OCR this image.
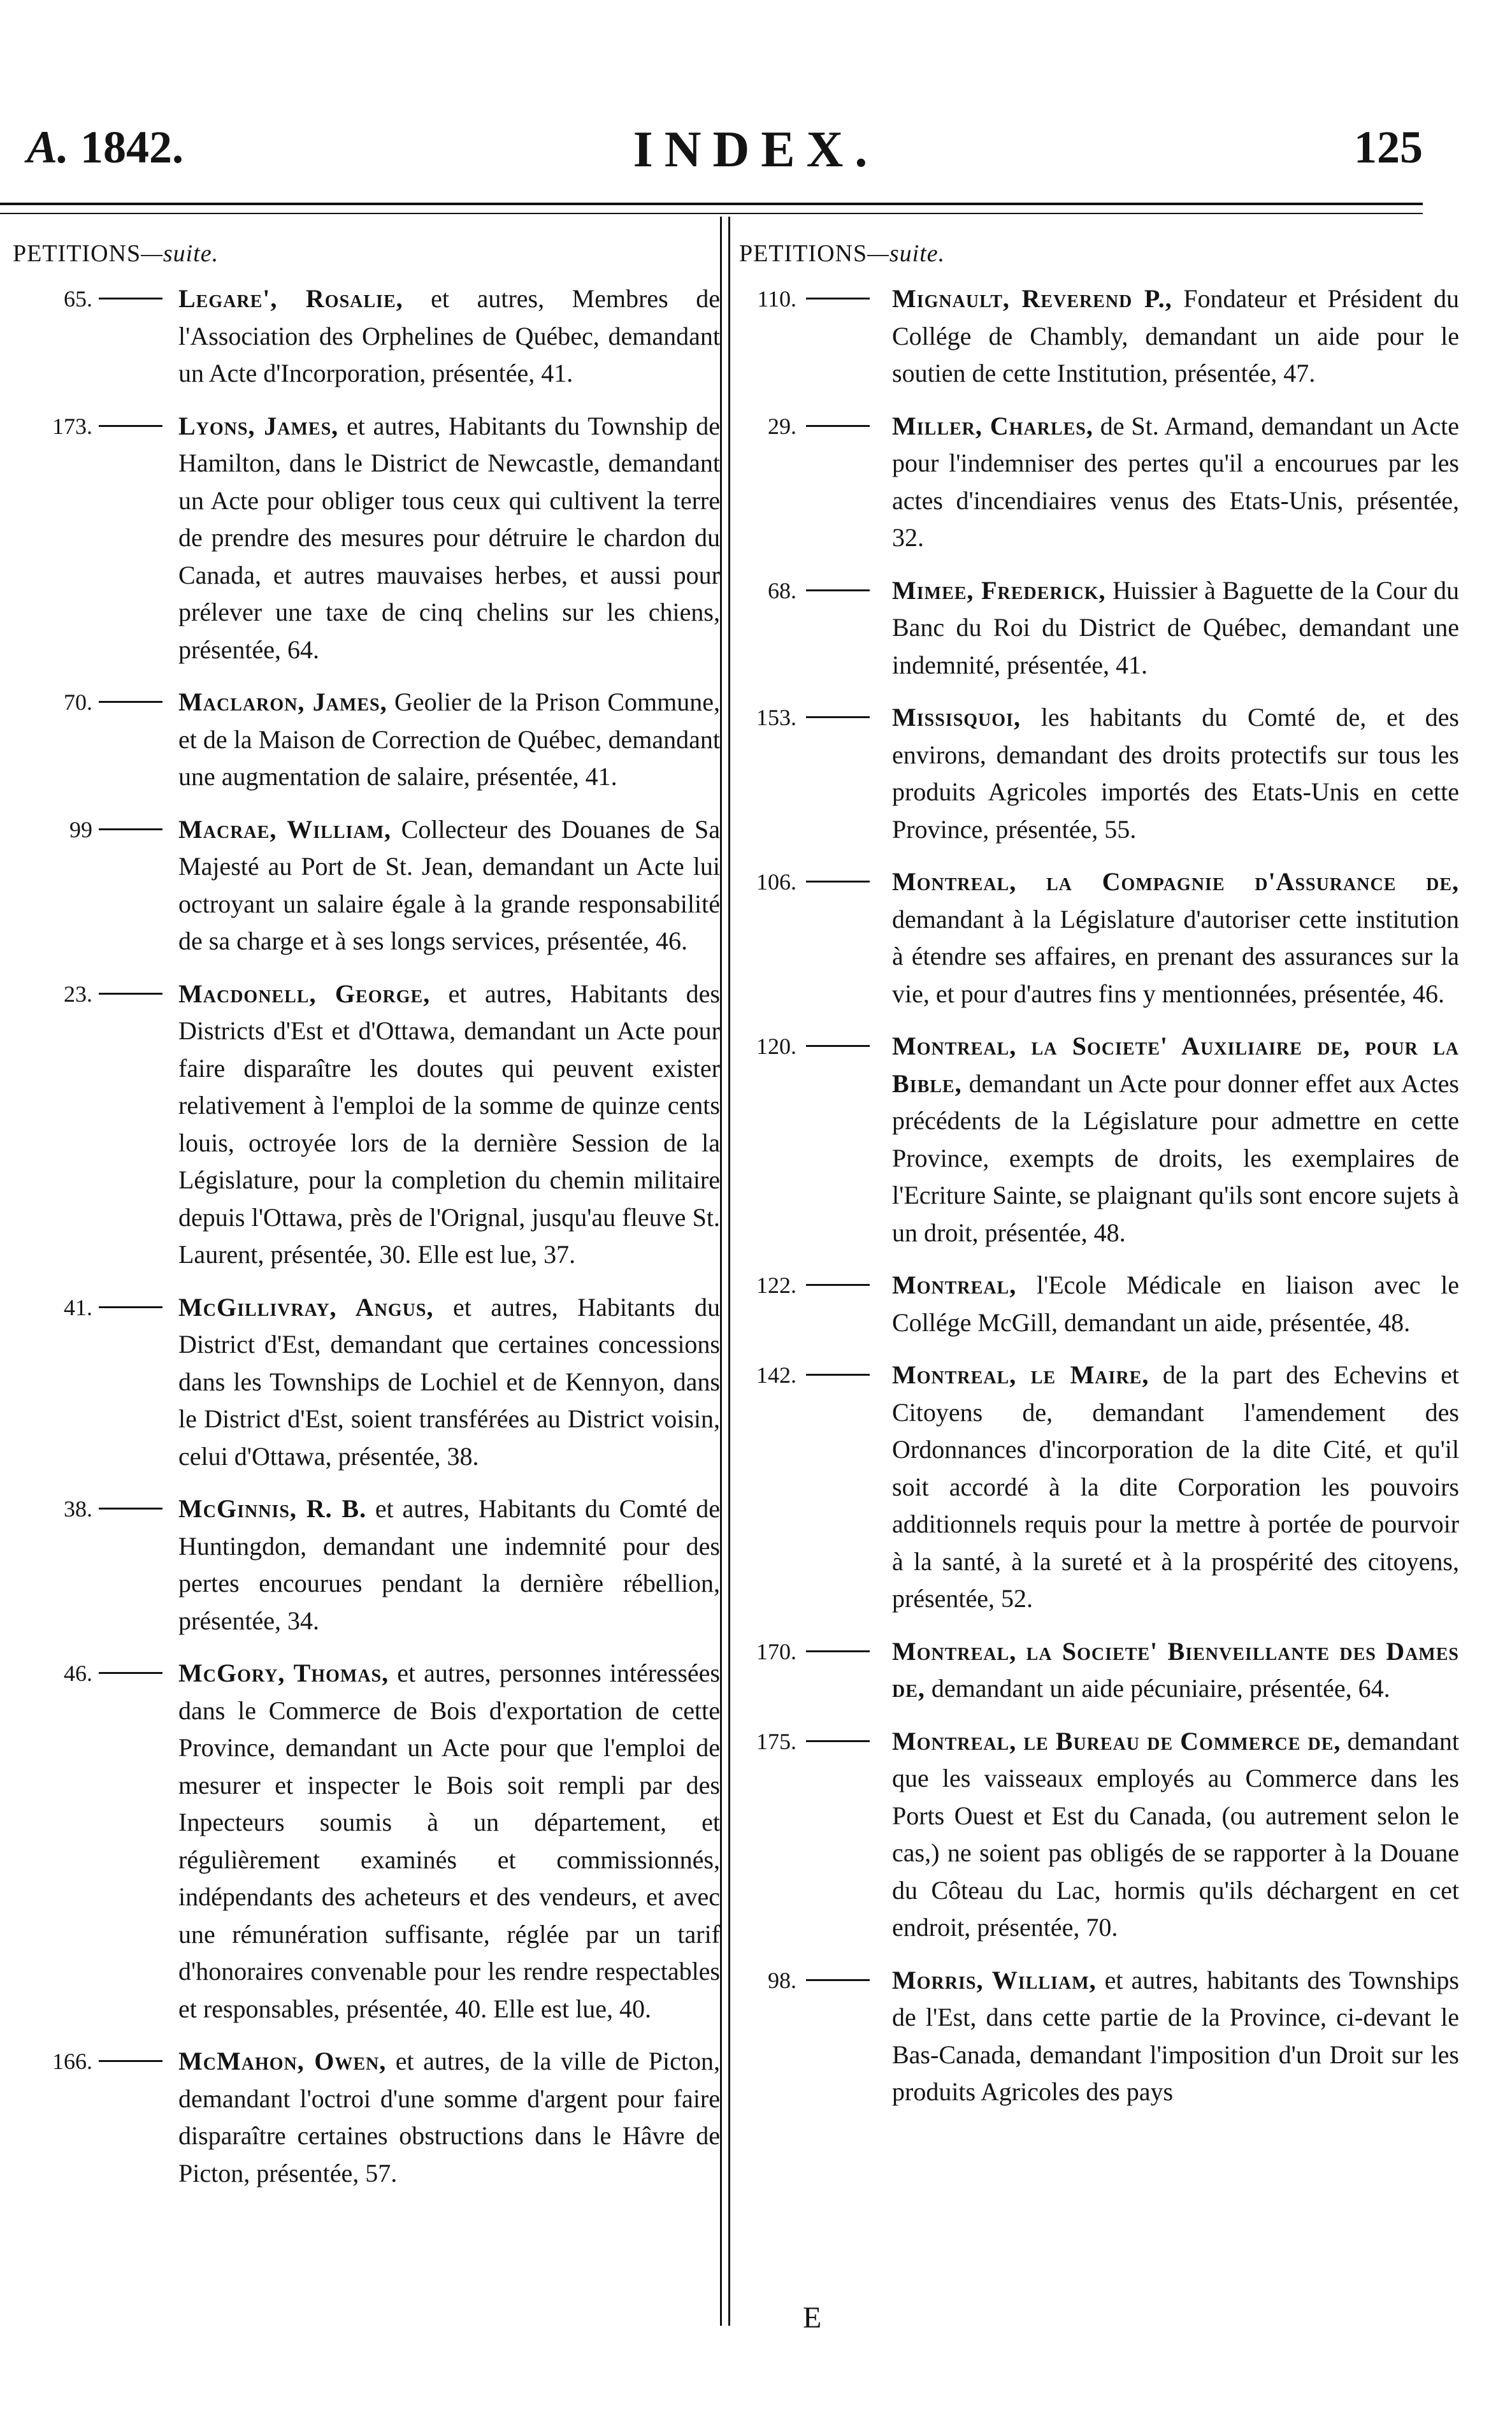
A. 1842.	INDEX.	125
PETITIONS—suite.
65.	Legare', Rosalie, et autres, Membres de l'Association des Orphelines de Québec, demandant un Acte d'Incorporation, présentée, 41.
173.	Lyons, James, et autres, Habitants du Township de Hamilton, dans le District de Newcastle, demandant un Acte pour obliger tous ceux qui cultivent la terre de prendre des mesures pour détruire le chardon du Canada, et autres mauvaises herbes, et aussi pour prélever une taxe de cinq chelins sur les chiens, présentée, 64.
70.	Maclaron, James, Geolier de la Prison Commune, et de la Maison de Correction de Québec, demandant une augmentation de salaire, présentée, 41.
99	Macrae, William, Collecteur des Douanes de Sa Majesté au Port de St. Jean, demandant un Acte lui octroyant un salaire égale à la grande responsabilité de sa charge et à ses longs services, présentée, 46.
23.	Macdonell, George, et autres, Habitants des Districts d'Est et d'Ottawa, demandant un Acte pour faire disparaître les doutes qui peuvent exister relativement à l'emploi de la somme de quinze cents louis, octroyée lors de la dernière Session de la Législature, pour la completion du chemin militaire depuis l'Ottawa, près de l'Orignal, jusqu'au fleuve St. Laurent, présentée, 30. Elle est lue, 37.
41.	McGillivray, Angus, et autres, Habitants du District d'Est, demandant que certaines concessions dans les Townships de Lochiel et de Kennyon, dans le District d'Est, soient transférées au District voisin, celui d'Ottawa, présentée, 38.
38.	McGinnis, R. B. et autres, Habitants du Comté de Huntingdon, demandant une indemnité pour des pertes encourues pendant la dernière rébellion, présentée, 34.
46.	McGory, Thomas, et autres, personnes intéressées dans le Commerce de Bois d'exportation de cette Province, demandant un Acte pour que l'emploi de mesurer et inspecter le Bois soit rempli par des Inpecteurs soumis à un département, et régulièrement examinés et commissionnés, indépendants des acheteurs et des vendeurs, et avec une rémunération suffisante, réglée par un tarif d'honoraires convenable pour les rendre respectables et responsables, présentée, 40. Elle est lue, 40.
166.	McMahon, Owen, et autres, de la ville de Picton, demandant l'octroi d'une somme d'argent pour faire disparaître certaines obstructions dans le Hâvre de Picton, présentée, 57.
PETITIONS—suite.
110.	Mignault, Reverend P., Fondateur et Président du Collége de Chambly, demandant un aide pour le soutien de cette Institution, présentée, 47.
29.	Miller, Charles, de St. Armand, demandant un Acte pour l'indemniser des pertes qu'il a encourues par les actes d'incendiaires venus des Etats-Unis, présentée, 32.
68.	Mimee, Frederick, Huissier à Baguette de la Cour du Banc du Roi du District de Québec, demandant une indemnité, présentée, 41.
153.	Missisquoi, les habitants du Comté de, et des environs, demandant des droits protectifs sur tous les produits Agricoles importés des Etats-Unis en cette Province, présentée, 55.
106.	Montreal, la Compagnie d'Assurance de, demandant à la Législature d'autoriser cette institution à étendre ses affaires, en prenant des assurances sur la vie, et pour d'autres fins y mentionnées, présentée, 46.
120.	Montreal, la Societe' Auxiliaire de, pour la Bible, demandant un Acte pour donner effet aux Actes précédents de la Législature pour admettre en cette Province, exempts de droits, les exemplaires de l'Ecriture Sainte, se plaignant qu'ils sont encore sujets à un droit, présentée, 48.
122.	Montreal, l'Ecole Médicale en liaison avec le Collége McGill, demandant un aide, présentée, 48.
142.	Montreal, le Maire, de la part des Echevins et Citoyens de, demandant l'amendement des Ordonnances d'incorporation de la dite Cité, et qu'il soit accordé à la dite Corporation les pouvoirs additionnels requis pour la mettre à portée de pourvoir à la santé, à la sureté et à la prospérité des citoyens, présentée, 52.
170.	Montreal, la Societe' Bienveillante des Dames de, demandant un aide pécuniaire, présentée, 64.
175.	Montreal, le Bureau de Commerce de, demandant que les vaisseaux employés au Commerce dans les Ports Ouest et Est du Canada, (ou autrement selon le cas,) ne soient pas obligés de se rapporter à la Douane du Côteau du Lac, hormis qu'ils déchargent en cet endroit, présentée, 70.
98.	Morris, William, et autres, habitants des Townships de l'Est, dans cette partie de la Province, ci-devant le Bas-Canada, demandant l'imposition d'un Droit sur les produits Agricoles des pays
E
